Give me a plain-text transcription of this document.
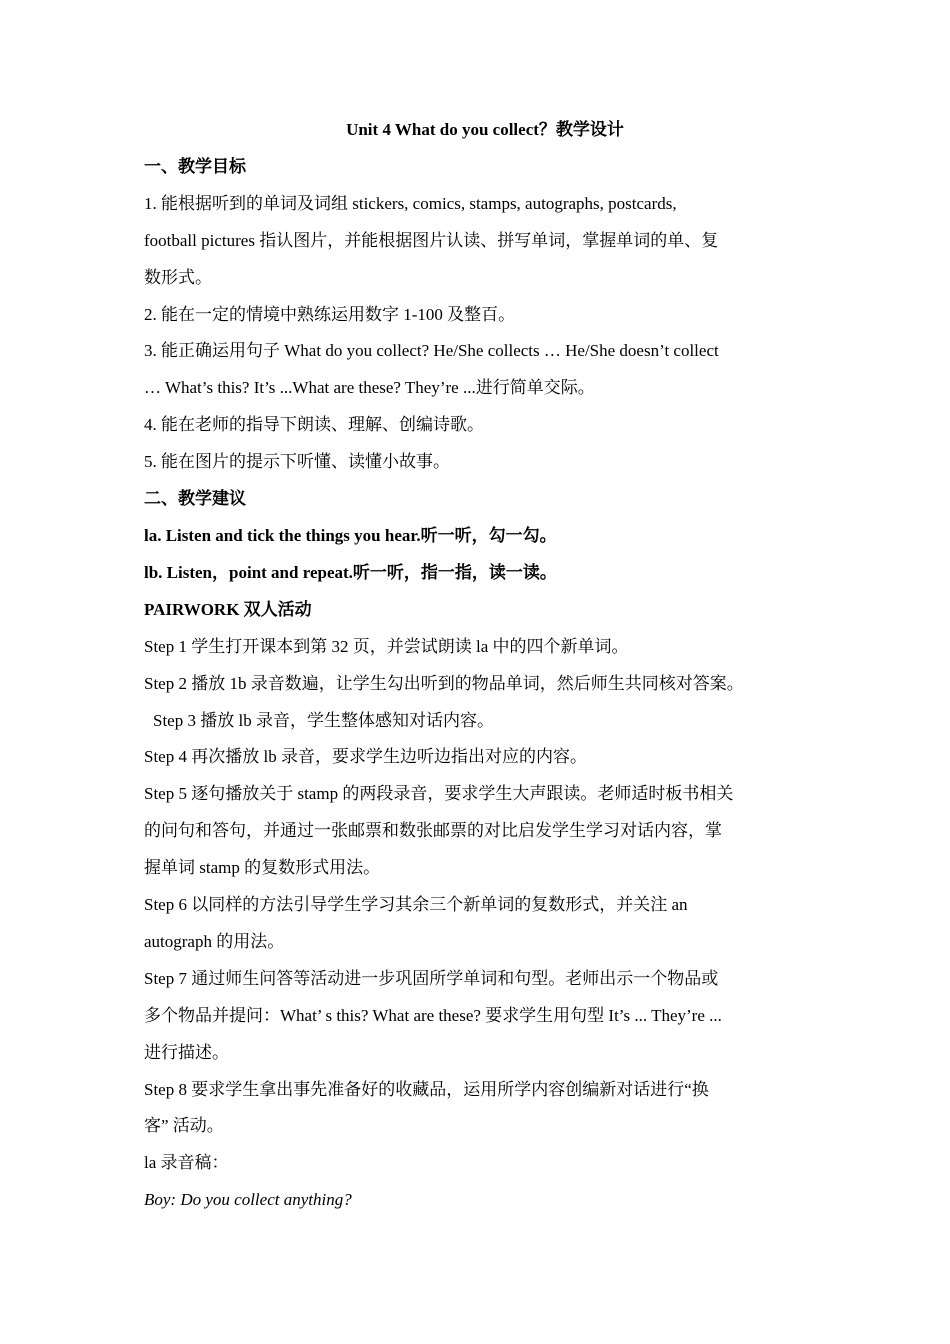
Unit 4 What do you collect？教学设计
一、教学目标
1. 能根据听到的单词及词组 stickers, comics, stamps, autographs, postcards,
football pictures 指认图片，并能根据图片认读、拼写单词，掌握单词的单、复
数形式。
2. 能在一定的情境中熟练运用数字 1-100 及整百。
3. 能正确运用句子 What do you collect? He/She collects … He/She doesn’t collect
… What’s this? It’s ...What are these? They’re ...进行简单交际。
4. 能在老师的指导下朗读、理解、创编诗歌。
5. 能在图片的提示下听懂、读懂小故事。
二、教学建议
la. Listen and tick the things you hear.听一听，勾一勾。
lb. Listen，point and repeat.听一听，指一指，读一读。
PAIRWORK 双人活动
Step 1 学生打开课本到第 32 页，并尝试朗读 la 中的四个新单词。
Step 2 播放 1b 录音数遍，让学生勾出听到的物品单词，然后师生共同核对答案。
Step 3 播放 lb 录音，学生整体感知对话内容。
Step 4 再次播放 lb 录音，要求学生边听边指出对应的内容。
Step 5 逐句播放关于 stamp 的两段录音，要求学生大声跟读。老师适时板书相关
的问句和答句，并通过一张邮票和数张邮票的对比启发学生学习对话内容，掌
握单词 stamp 的复数形式用法。
Step 6 以同样的方法引导学生学习其余三个新单词的复数形式，并关注 an
autograph 的用法。
Step 7 通过师生问答等活动进一步巩固所学单词和句型。老师出示一个物品或
多个物品并提问：What’ s this? What are these? 要求学生用句型 It’s ... They’re ...
进行描述。
Step 8 要求学生拿出事先准备好的收藏品，运用所学内容创编新对话进行“换
客” 活动。
la 录音稿：
Boy: Do you collect anything?
